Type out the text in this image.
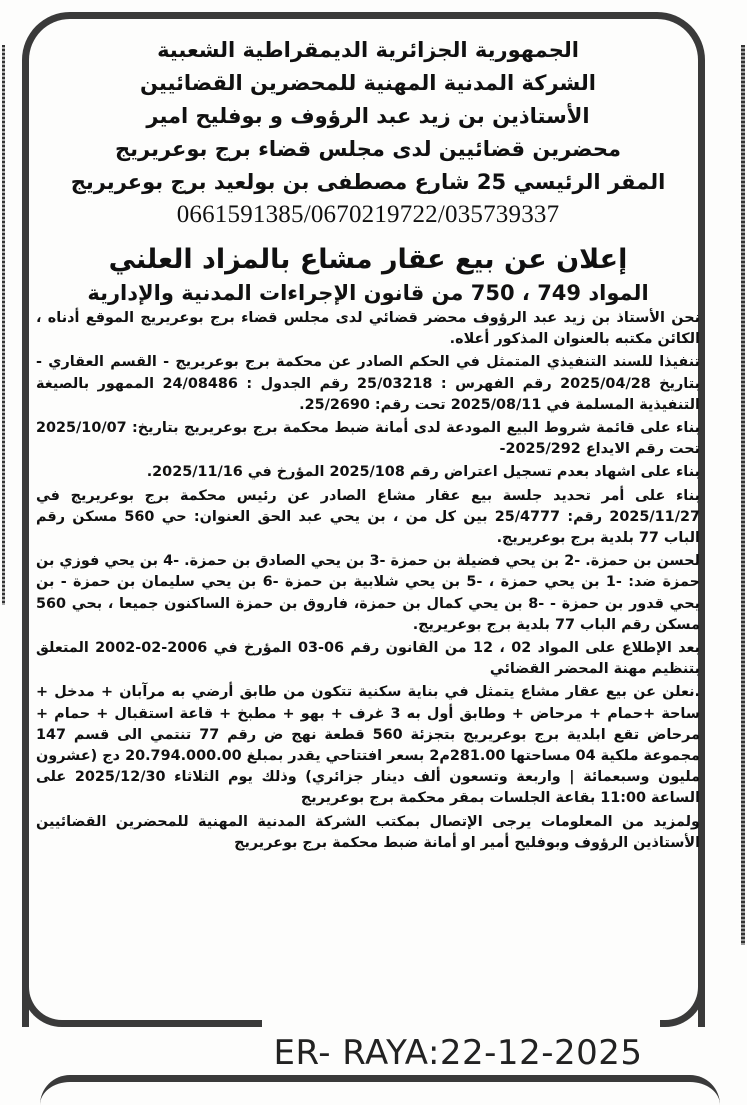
الجمهورية الجزائرية الديمقراطية الشعبية
الشركة المدنية المهنية للمحضرين القضائيين
الأستاذين بن زيد عبد الرؤوف و بوفليح امير
محضرين قضائيين لدى مجلس قضاء برج بوعريريج
المقر الرئيسي 25 شارع مصطفى بن بولعيد برج بوعريريج
0661591385/0670219722/035739337
إعلان عن بيع عقار مشاع بالمزاد العلني
المواد 749 ، 750 من قانون الإجراءات المدنية والإدارية

نحن الأستاذ بن زيد عبد الرؤوف محضر قضائي لدى مجلس قضاء برج بوعريريج الموقع أدناه ، الكائن مكتبه بالعنوان المذكور أعلاه.

تنفيذا للسند التنفيذي المتمثل في الحكم الصادر عن محكمة برج بوعريريج - القسم العقاري - بتاريخ 2025/04/28 رقم الفهرس : 25/03218 رقم الجدول : 24/08486 الممهور بالصيغة التنفيذية المسلمة في 2025/08/11 تحت رقم: 25/2690.

بناء على قائمة شروط البيع المودعة لدى أمانة ضبط محكمة برج بوعريريج بتاريخ: 2025/10/07 تحت رقم الايداع 2025/292-

بناء على اشهاد بعدم تسجيل اعتراض رقم 2025/108 المؤرخ في 2025/11/16.

بناء على أمر تحديد جلسة بيع عقار مشاع الصادر عن رئيس محكمة برج بوعريريج في 2025/11/27 رقم: 25/4777 بين كل من ، بن يحي عبد الحق العنوان: حي 560 مسكن رقم الباب 77 بلدية برج بوعريريج.

لحسن بن حمزة. -2 بن يحي فضيلة بن حمزة -3 بن يحي الصادق بن حمزة. -4 بن يحي فوزي بن حمزة ضد: -1 بن يحي حمزة ، -5 بن يحي شلابية بن حمزة -6 بن يحي سليمان بن حمزة - بن يحي قدور بن حمزة - -8 بن يحي كمال بن حمزة، فاروق بن حمزة الساكنون جميعا ، بحي 560 مسكن رقم الباب 77 بلدية برج بوعريريج.

بعد الإطلاع على المواد 02 ، 12 من القانون رقم 06-03 المؤرخ في 2006-02-2002 المتعلق بتنظيم مهنة المحضر القضائي

.نعلن عن بيع عقار مشاع يتمثل في بناية سكنية تتكون من طابق أرضي به مرآبان + مدخل + ساحة +حمام + مرحاض + وطابق أول به 3 غرف + بهو + مطبخ + قاعة استقبال + حمام + مرحاض تقع ابلدية برج بوعريريج بتجزئة 560 قطعة نهج ض رقم 77 تنتمي الى قسم 147 مجموعة ملكية 04 مساحتها 281.00م2 بسعر افتتاحي يقدر بمبلغ 20.794.000.00 دج (عشرون مليون وسبعمائة | واربعة وتسعون ألف دينار جزائري) وذلك يوم الثلاثاء 2025/12/30 على الساعة 11:00 بقاعة الجلسات بمقر محكمة برج بوعريريج

ولمزيد من المعلومات يرجى الإتصال بمكتب الشركة المدنية المهنية للمحضرين القضائيين الأستاذين الرؤوف وبوفليح أمير او أمانة ضبط محكمة برج بوعريريج

ER- RAYA:22-12-2025
